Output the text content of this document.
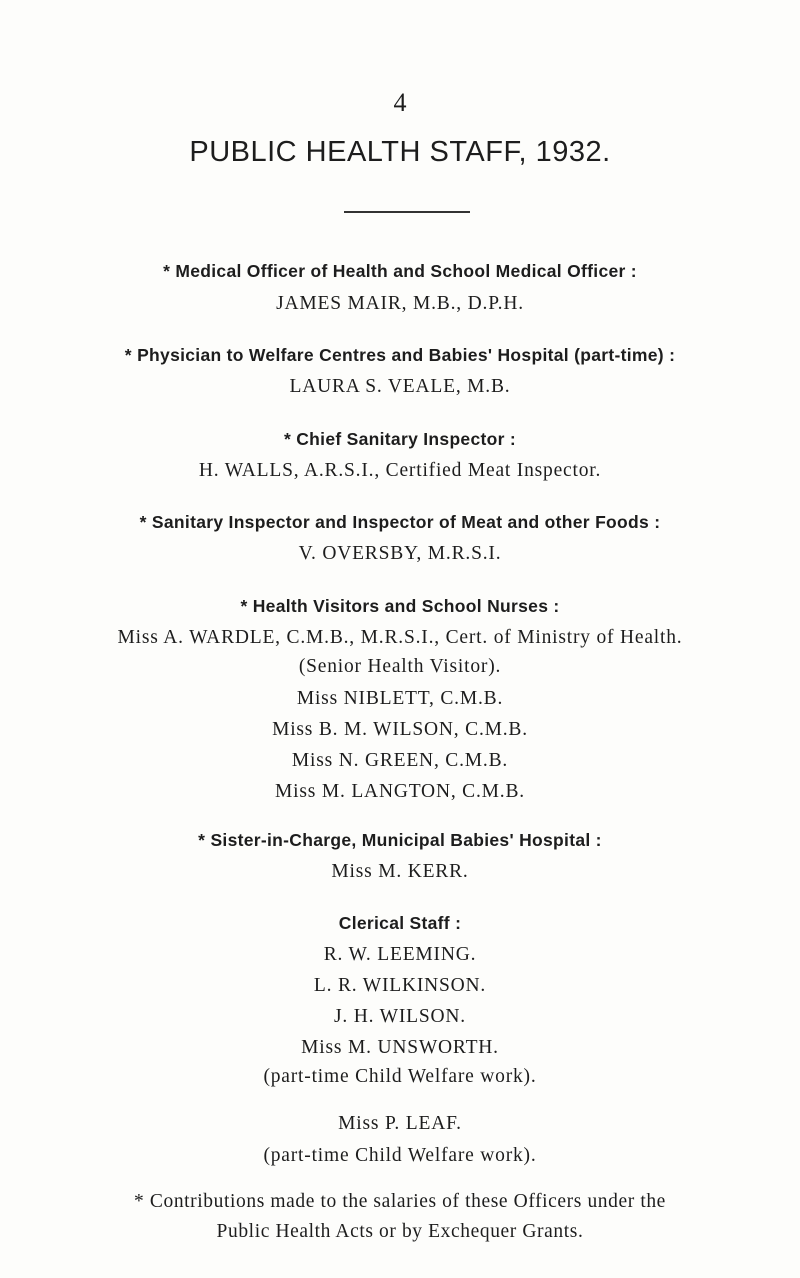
4
PUBLIC HEALTH STAFF, 1932.
* Medical Officer of Health and School Medical Officer :
JAMES MAIR, M.B., D.P.H.
* Physician to Welfare Centres and Babies' Hospital (part-time) :
LAURA S. VEALE, M.B.
* Chief Sanitary Inspector :
H. WALLS, A.R.S.I., Certified Meat Inspector.
* Sanitary Inspector and Inspector of Meat and other Foods :
V. OVERSBY, M.R.S.I.
* Health Visitors and School Nurses :
Miss A. WARDLE, C.M.B., M.R.S.I., Cert. of Ministry of Health.
(Senior Health Visitor).
Miss NIBLETT, C.M.B.
Miss B. M. WILSON, C.M.B.
Miss N. GREEN, C.M.B.
Miss M. LANGTON, C.M.B.
* Sister-in-Charge, Municipal Babies' Hospital :
Miss M. KERR.
Clerical Staff :
R. W. LEEMING.
L. R. WILKINSON.
J. H. WILSON.
Miss M. UNSWORTH.
(part-time Child Welfare work).
Miss P. LEAF.
(part-time Child Welfare work).
* Contributions made to the salaries of these Officers under the
Public Health Acts or by Exchequer Grants.
